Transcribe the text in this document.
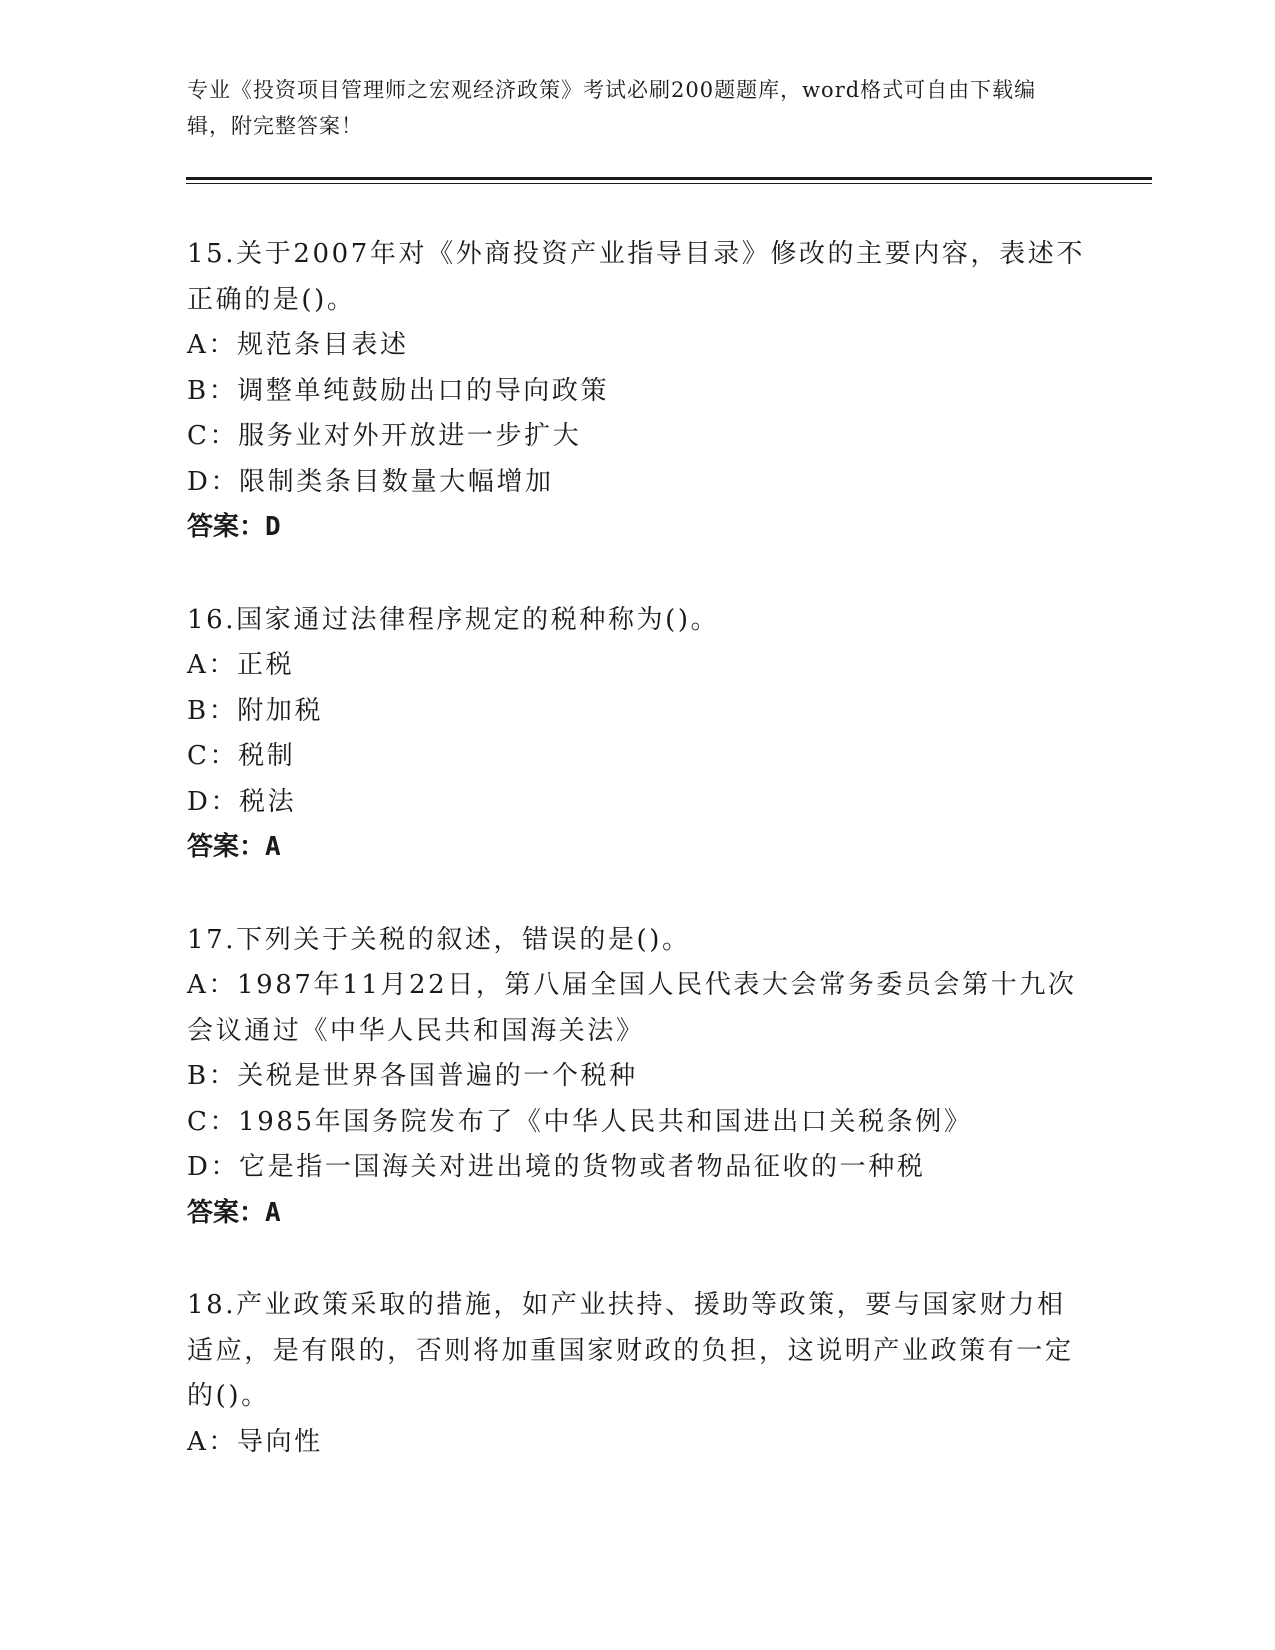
专业《投资项目管理师之宏观经济政策》考试必刷200题题库，word格式可自由下载编辑，附完整答案！
15.关于2007年对《外商投资产业指导目录》修改的主要内容，表述不正确的是()。
A：规范条目表述
B：调整单纯鼓励出口的导向政策
C：服务业对外开放进一步扩大
D：限制类条目数量大幅增加
答案：D
16.国家通过法律程序规定的税种称为()。
A：正税
B：附加税
C：税制
D：税法
答案：A
17.下列关于关税的叙述，错误的是()。
A：1987年11月22日，第八届全国人民代表大会常务委员会第十九次会议通过《中华人民共和国海关法》
B：关税是世界各国普遍的一个税种
C：1985年国务院发布了《中华人民共和国进出口关税条例》
D：它是指一国海关对进出境的货物或者物品征收的一种税
答案：A
18.产业政策采取的措施，如产业扶持、援助等政策，要与国家财力相适应，是有限的，否则将加重国家财政的负担，这说明产业政策有一定的()。
A：导向性
